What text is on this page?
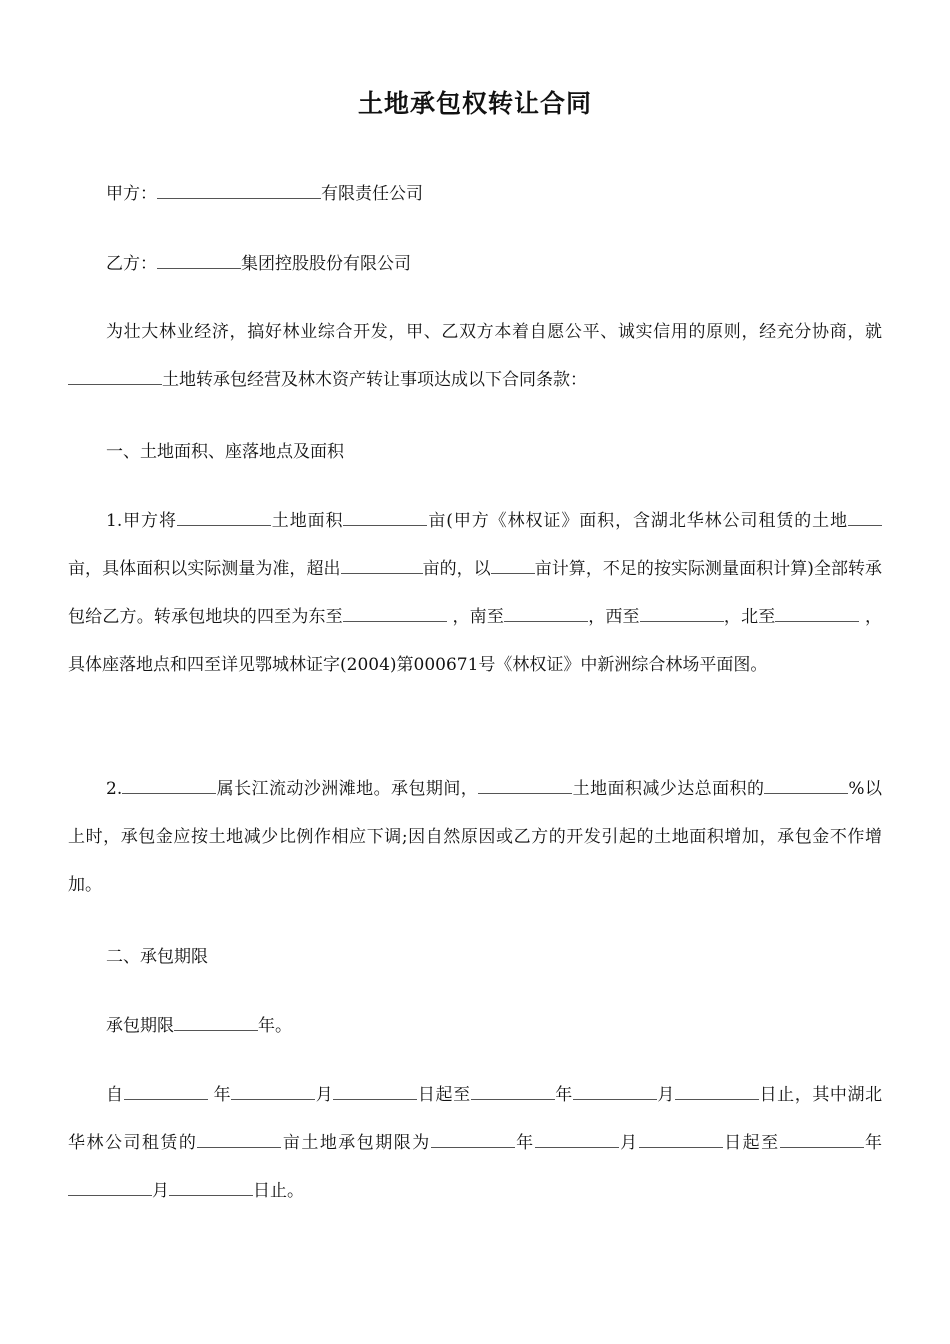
土地承包权转让合同

甲方：	有限责任公司

乙方：	集团控股股份有限公司

为壮大林业经济，搞好林业综合开发，甲、乙双方本着自愿公平、诚实信用的原则，经充分协商，就土地转承包经营及林木资产转让事项达成以下合同条款：

一、土地面积、座落地点及面积

1.甲方将	土地面积	亩(甲方《林权证》面积，含湖北华林公司租赁的土地亩，具体面积以实际测量为准，超出	亩的，以	亩计算，不足的按实际测量面积计算)全部转承包给乙方。转承包地块的四至为东至	，南至	，西至	，北至	，具体座落地点和四至详见鄂城林证字(2004)第000671号《林权证》中新洲综合林场平面图。

2.	属长江流动沙洲滩地。承包期间，	土地面积减少达总面积的	%以上时，承包金应按土地减少比例作相应下调;因自然原因或乙方的开发引起的土地面积增加，承包金不作增加。

二、承包期限

承包期限	年。

自	年	月	日起至	年	月	日止，其中湖北华林公司租赁的	亩土地承包期限为	年	月	日起至	年月	日止。
